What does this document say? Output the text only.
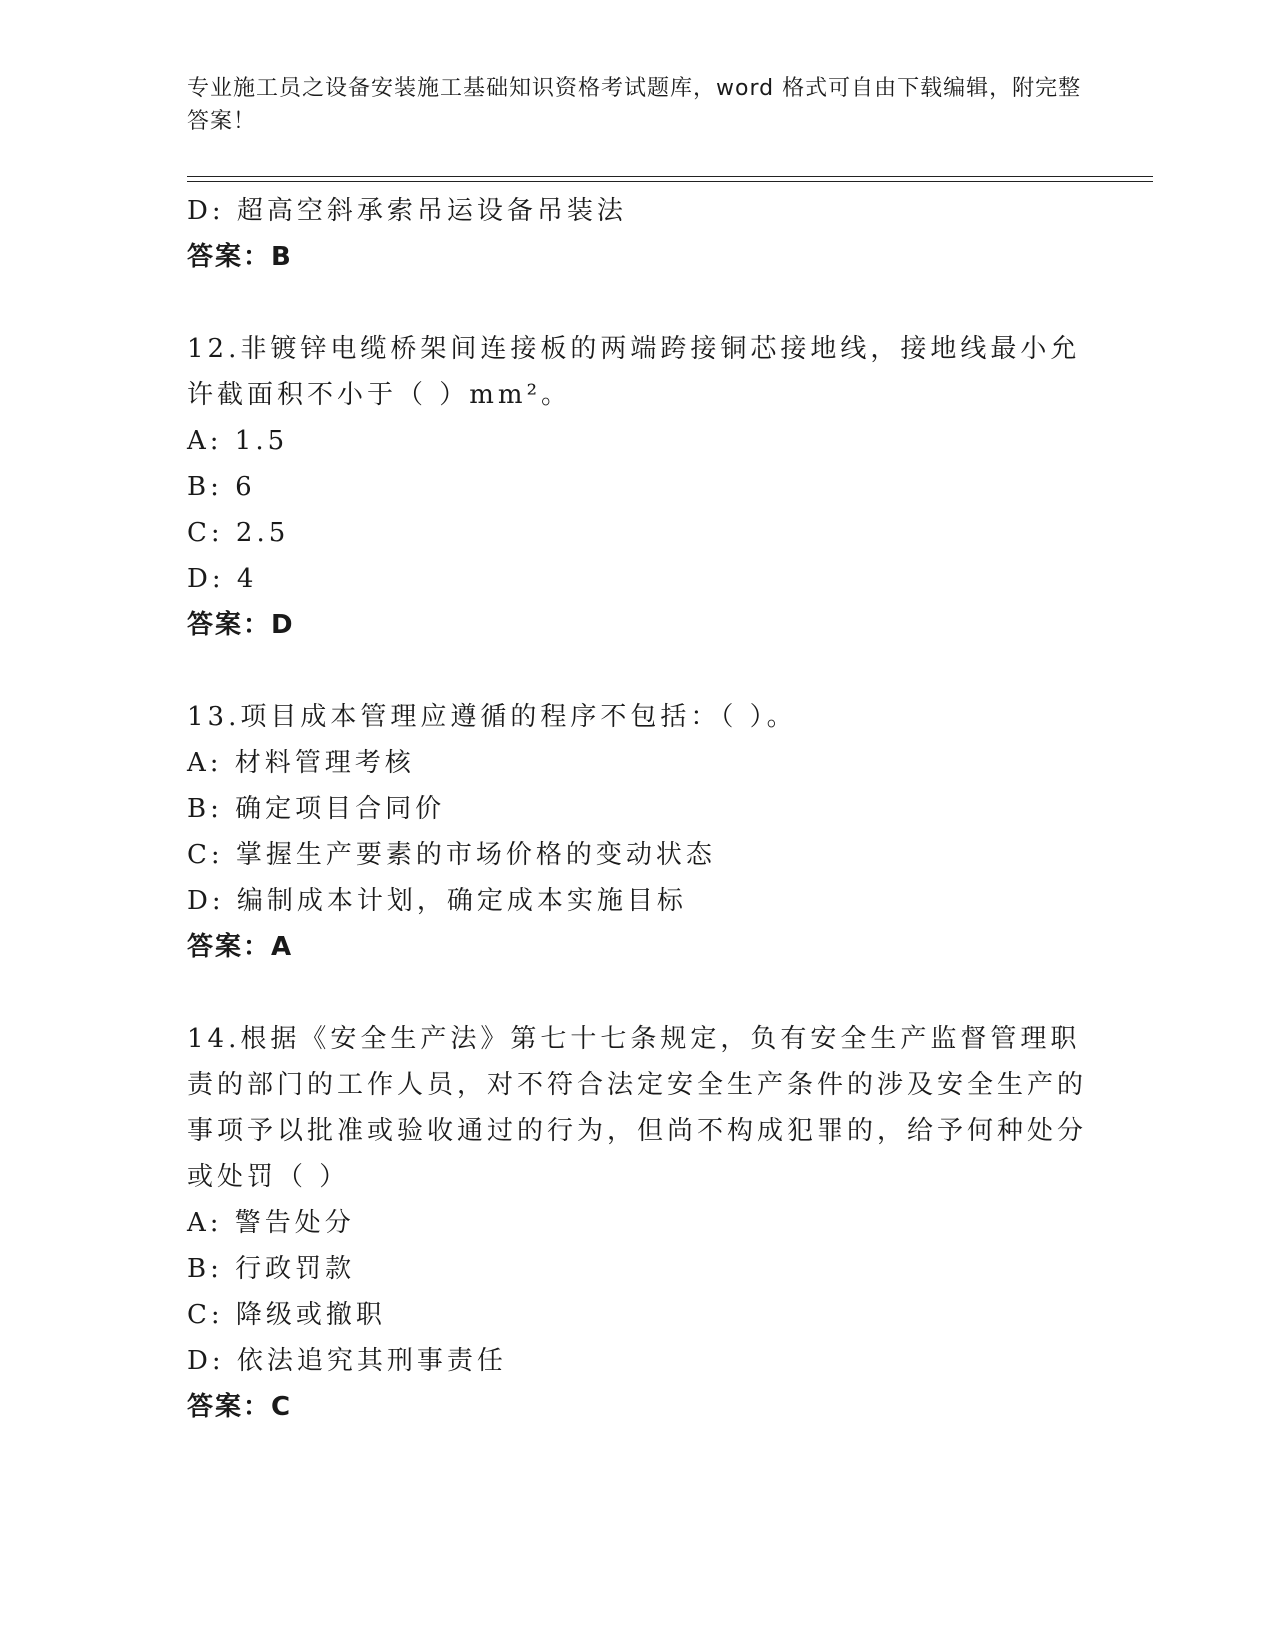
专业施工员之设备安装施工基础知识资格考试题库，word 格式可自由下载编辑，附完整答案！
D: 超高空斜承索吊运设备吊装法
答案：B
12.非镀锌电缆桥架间连接板的两端跨接铜芯接地线，接地线最小允许截面积不小于（ ）mm²。
A: 1.5
B: 6
C: 2.5
D: 4
答案：D
13.项目成本管理应遵循的程序不包括：（ ）。
A: 材料管理考核
B: 确定项目合同价
C: 掌握生产要素的市场价格的变动状态
D: 编制成本计划，确定成本实施目标
答案：A
14.根据《安全生产法》第七十七条规定，负有安全生产监督管理职责的部门的工作人员，对不符合法定安全生产条件的涉及安全生产的事项予以批准或验收通过的行为，但尚不构成犯罪的，给予何种处分或处罚（ ）
A: 警告处分
B: 行政罚款
C: 降级或撤职
D: 依法追究其刑事责任
答案：C
